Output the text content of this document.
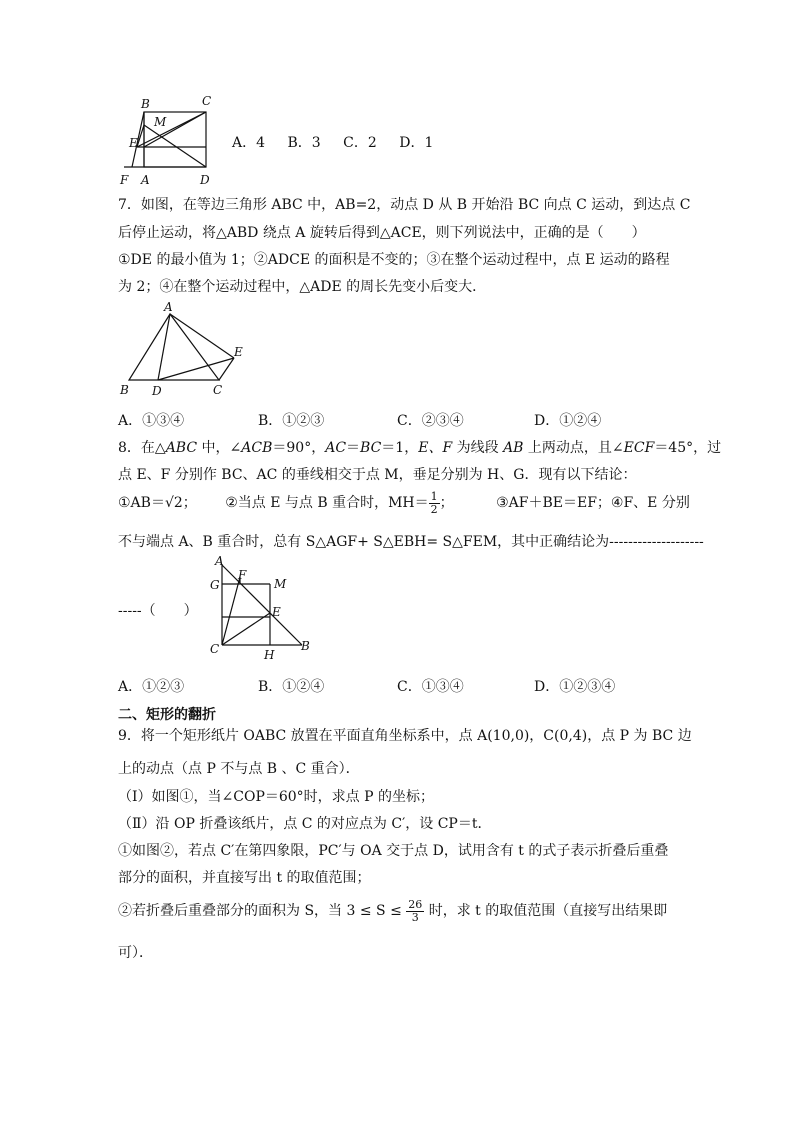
B	C
M
E
F A	D
A．4 B．3 C．2 D．1
7．如图，在等边三角形 ABC 中，AB=2，动点 D 从 B 开始沿 BC 向点 C 运动，到达点 C
后停止运动，将△ABD 绕点 A 旋转后得到△ACE，则下列说法中，正确的是（　　）
①DE 的最小值为 1；②ADCE 的面积是不变的；③在整个运动过程中，点 E 运动的路程
为 2；④在整个运动过程中，△ADE 的周长先变小后变大．
A
E
B D	C
A．①③④	B．①②③	C．②③④	D．①②④
8．在△ABC 中，∠ACB＝90°，AC＝BC＝1，E、F 为线段 AB 上两动点，且∠ECF＝45°，过
点 E、F 分别作 BC、AC 的垂线相交于点 M，垂足分别为 H、G．现有以下结论：
①AB＝√2； ②当点 E 与点 B 重合时，$MH= \frac{1}{2}$ ；	③AF＋BE＝EF；④F、E 分别
不与端点 A、B 重合时，总有 S△AGF+ S△EBH= S△FEM，其中正确结论为--------------------
A
F
G	M
E
C	H
B
-----（　　）
A．①②③	B．①②④	C．①③④	D．①②③④
二、矩形的翻折
9．将一个矩形纸片 OABC 放置在平面直角坐标系中，点 A(10,0)，C(0,4)，点 P 为 BC 边
上的动点（点 P 不与点 B 、C 重合）．
（Ⅰ）如图①，当∠COP＝60°时，求点 P 的坐标；
（Ⅱ）沿 OP 折叠该纸片，点 C 的对应点为 C′，设 CP＝t．
①如图②，若点 C′在第四象限，PC′与 OA 交于点 D，试用含有 t 的式子表示折叠后重叠
部分的面积，并直接写出 t 的取值范围；
②若折叠后重叠部分的面积为 S，当 $3 \le S \le \frac{26}{3}$ 时，求 t 的取值范围（直接写出结果即
可）．
